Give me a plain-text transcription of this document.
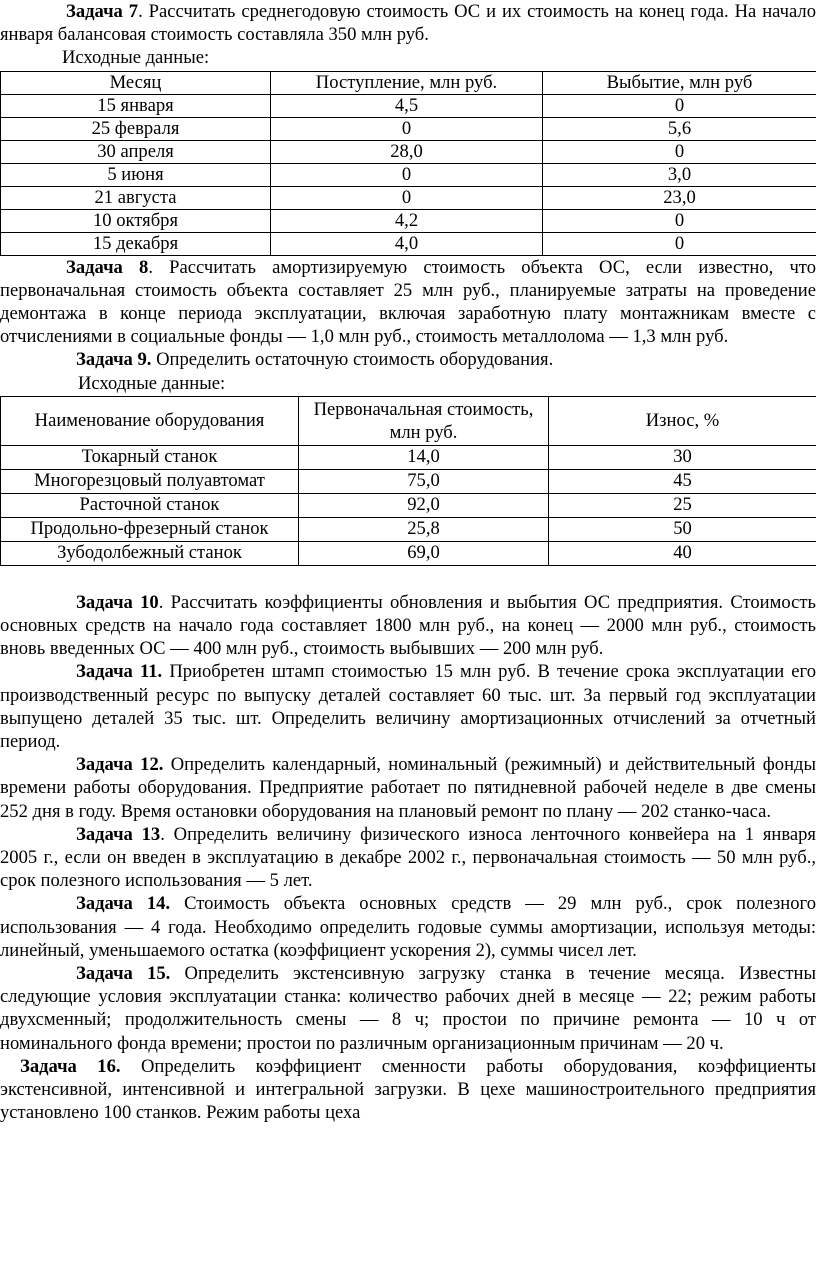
Задача 7. Рассчитать среднегодовую стоимость ОС и их стоимость на конец года. На начало января балансовая стоимость составляла 350 млн руб.

Исходные данные:
Месяц	Поступление, млн руб.	Выбытие, млн руб
15 января	4,5	0
25 февраля	0	5,6
30 апреля	28,0	0
5 июня	0	3,0
21 августа	0	23,0
10 октября	4,2	0
15 декабря	4,0	0

Задача 8. Рассчитать амортизируемую стоимость объекта ОС, если известно, что первоначальная стоимость объекта составляет 25 млн руб., планируемые затраты на проведение демонтажа в конце периода эксплуатации, включая заработную плату монтажникам вместе с отчислениями в социальные фонды — 1,0 млн руб., стоимость металлолома — 1,3 млн руб.

Задача 9. Определить остаточную стоимость оборудования.

Исходные данные:
Наименование оборудования	Первоначальная стоимость, млн руб.	Износ, %
Токарный станок	14,0	30
Многорезцовый полуавтомат	75,0	45
Расточной станок	92,0	25
Продольно-фрезерный станок	25,8	50
Зубодолбежный станок	69,0	40

Задача 10. Рассчитать коэффициенты обновления и выбытия ОС предприятия. Стоимость основных средств на начало года составляет 1800 млн руб., на конец — 2000 млн руб., стоимость вновь введенных ОС — 400 млн руб., стоимость выбывших — 200 млн руб.

Задача 11. Приобретен штамп стоимостью 15 млн руб. В течение срока эксплуатации его производственный ресурс по выпуску деталей составляет 60 тыс. шт. За первый год эксплуатации выпущено деталей 35 тыс. шт. Определить величину амортизационных отчислений за отчетный период.

Задача 12. Определить календарный, номинальный (режимный) и действительный фонды времени работы оборудования. Предприятие работает по пятидневной рабочей неделе в две смены 252 дня в году. Время остановки оборудования на плановый ремонт по плану — 202 станко-часа.

Задача 13. Определить величину физического износа ленточного конвейера на 1 января 2005 г., если он введен в эксплуатацию в декабре 2002 г., первоначальная стоимость — 50 млн руб., срок полезного использования — 5 лет.

Задача 14. Стоимость объекта основных средств — 29 млн руб., срок полезного использования — 4 года. Необходимо определить годовые суммы амортизации, используя методы: линейный, уменьшаемого остатка (коэффициент ускорения 2), суммы чисел лет.

Задача 15. Определить экстенсивную загрузку станка в течение месяца. Известны следующие условия эксплуатации станка: количество рабочих дней в месяце — 22; режим работы двухсменный; продолжительность смены — 8 ч; простои по причине ремонта — 10 ч от номинального фонда времени; простои по различным организационным причинам — 20 ч.

Задача 16. Определить коэффициент сменности работы оборудования, коэффициенты экстенсивной, интенсивной и интегральной загрузки. В цехе машиностроительного предприятия установлено 100 станков. Режим работы цеха
